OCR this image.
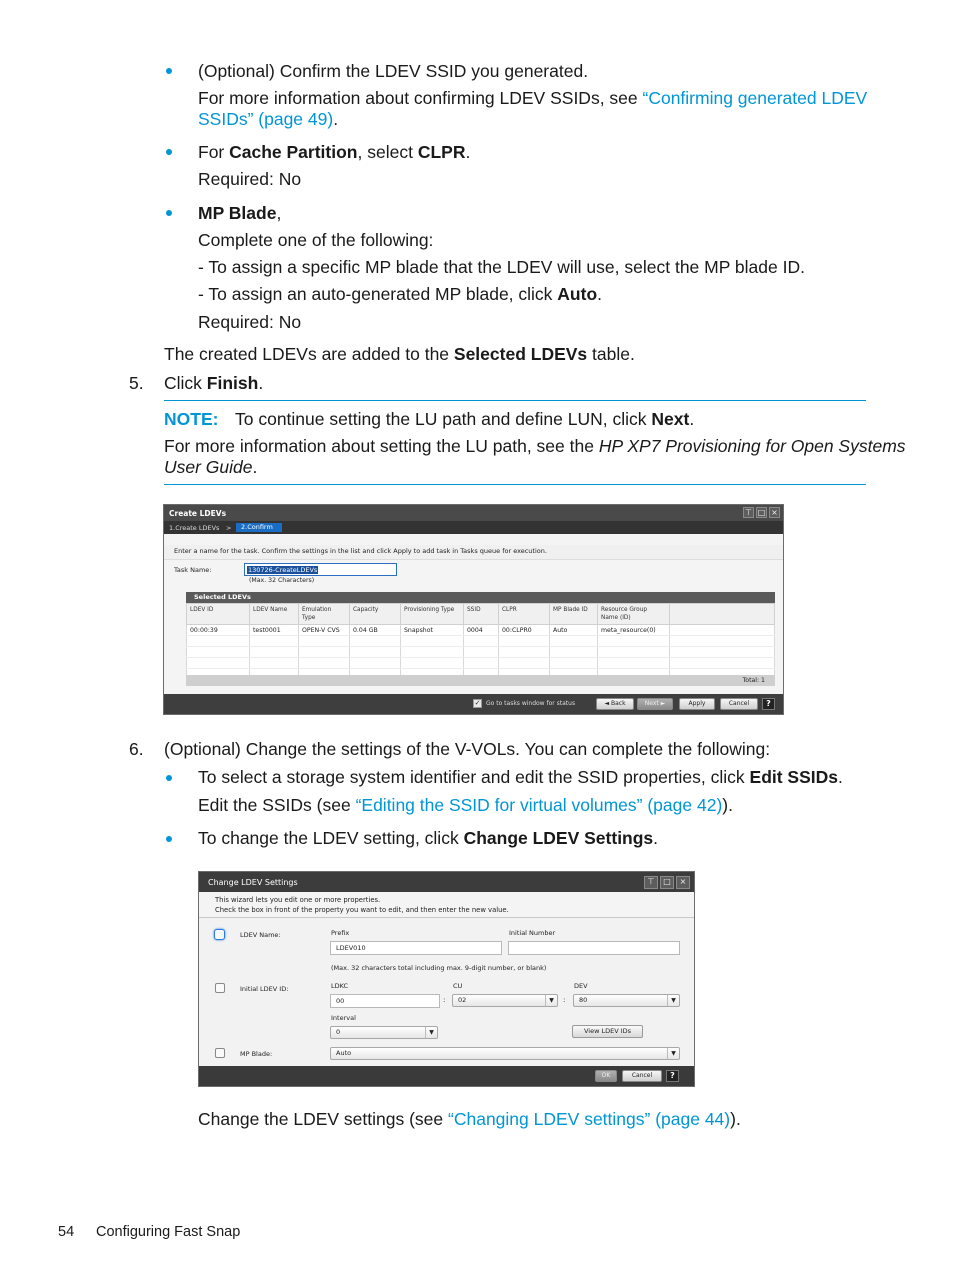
(Optional) Confirm the LDEV SSID you generated.
For more information about confirming LDEV SSIDs, see “Confirming generated LDEV
SSIDs” (page 49).
For Cache Partition, select CLPR.
Required: No
MP Blade,
Complete one of the following:
- To assign a specific MP blade that the LDEV will use, select the MP blade ID.
- To assign an auto-generated MP blade, click Auto.
Required: No
The created LDEVs are added to the Selected LDEVs table.
5. Click Finish.
NOTE: To continue setting the LU path and define LUN, click Next.
For more information about setting the LU path, see the HP XP7 Provisioning for Open Systems
User Guide.
Create LDEVs	⊤ □ ×
1.Create LDEVs >	2.Confirm
Enter a name for the task. Confirm the settings in the list and click Apply to add task in Tasks queue for execution.
Task Name:	130726-CreateLDEVs
(Max. 32 Characters)
Selected LDEVs
LDEV ID	LDEV Name	Emulation Type	Capacity	Provisioning Type	SSID	CLPR	MP Blade ID	Resource Group Name (ID)	
00:00:39	test0001	OPEN-V CVS	0.04 GB	Snapshot	0004	00:CLPR0	Auto	meta_resource(0)	

Total: 1
✓ Go to tasks window for status	◄ Back	Next ►	Apply	Cancel	?
6. (Optional) Change the settings of the V-VOLs. You can complete the following:
To select a storage system identifier and edit the SSID properties, click Edit SSIDs.
Edit the SSIDs (see “Editing the SSID for virtual volumes” (page 42)).
To change the LDEV setting, click Change LDEV Settings.
Change LDEV Settings	⊤	□	×
This wizard lets you edit one or more properties.
Check the box in front of the property you want to edit, and then enter the new value.
LDEV Name:	Prefix
LDEV010
Initial Number
(Max. 32 characters total including max. 9-digit number, or blank)
Initial LDEV ID:	LDKC
00	:
CU
02	▼	:
DEV
80	▼
Interval
0	▼	View LDEV IDs
MP Blade:	Auto	▼
OK	Cancel	?
Change the LDEV settings (see “Changing LDEV settings” (page 44)).
54 Configuring Fast Snap
